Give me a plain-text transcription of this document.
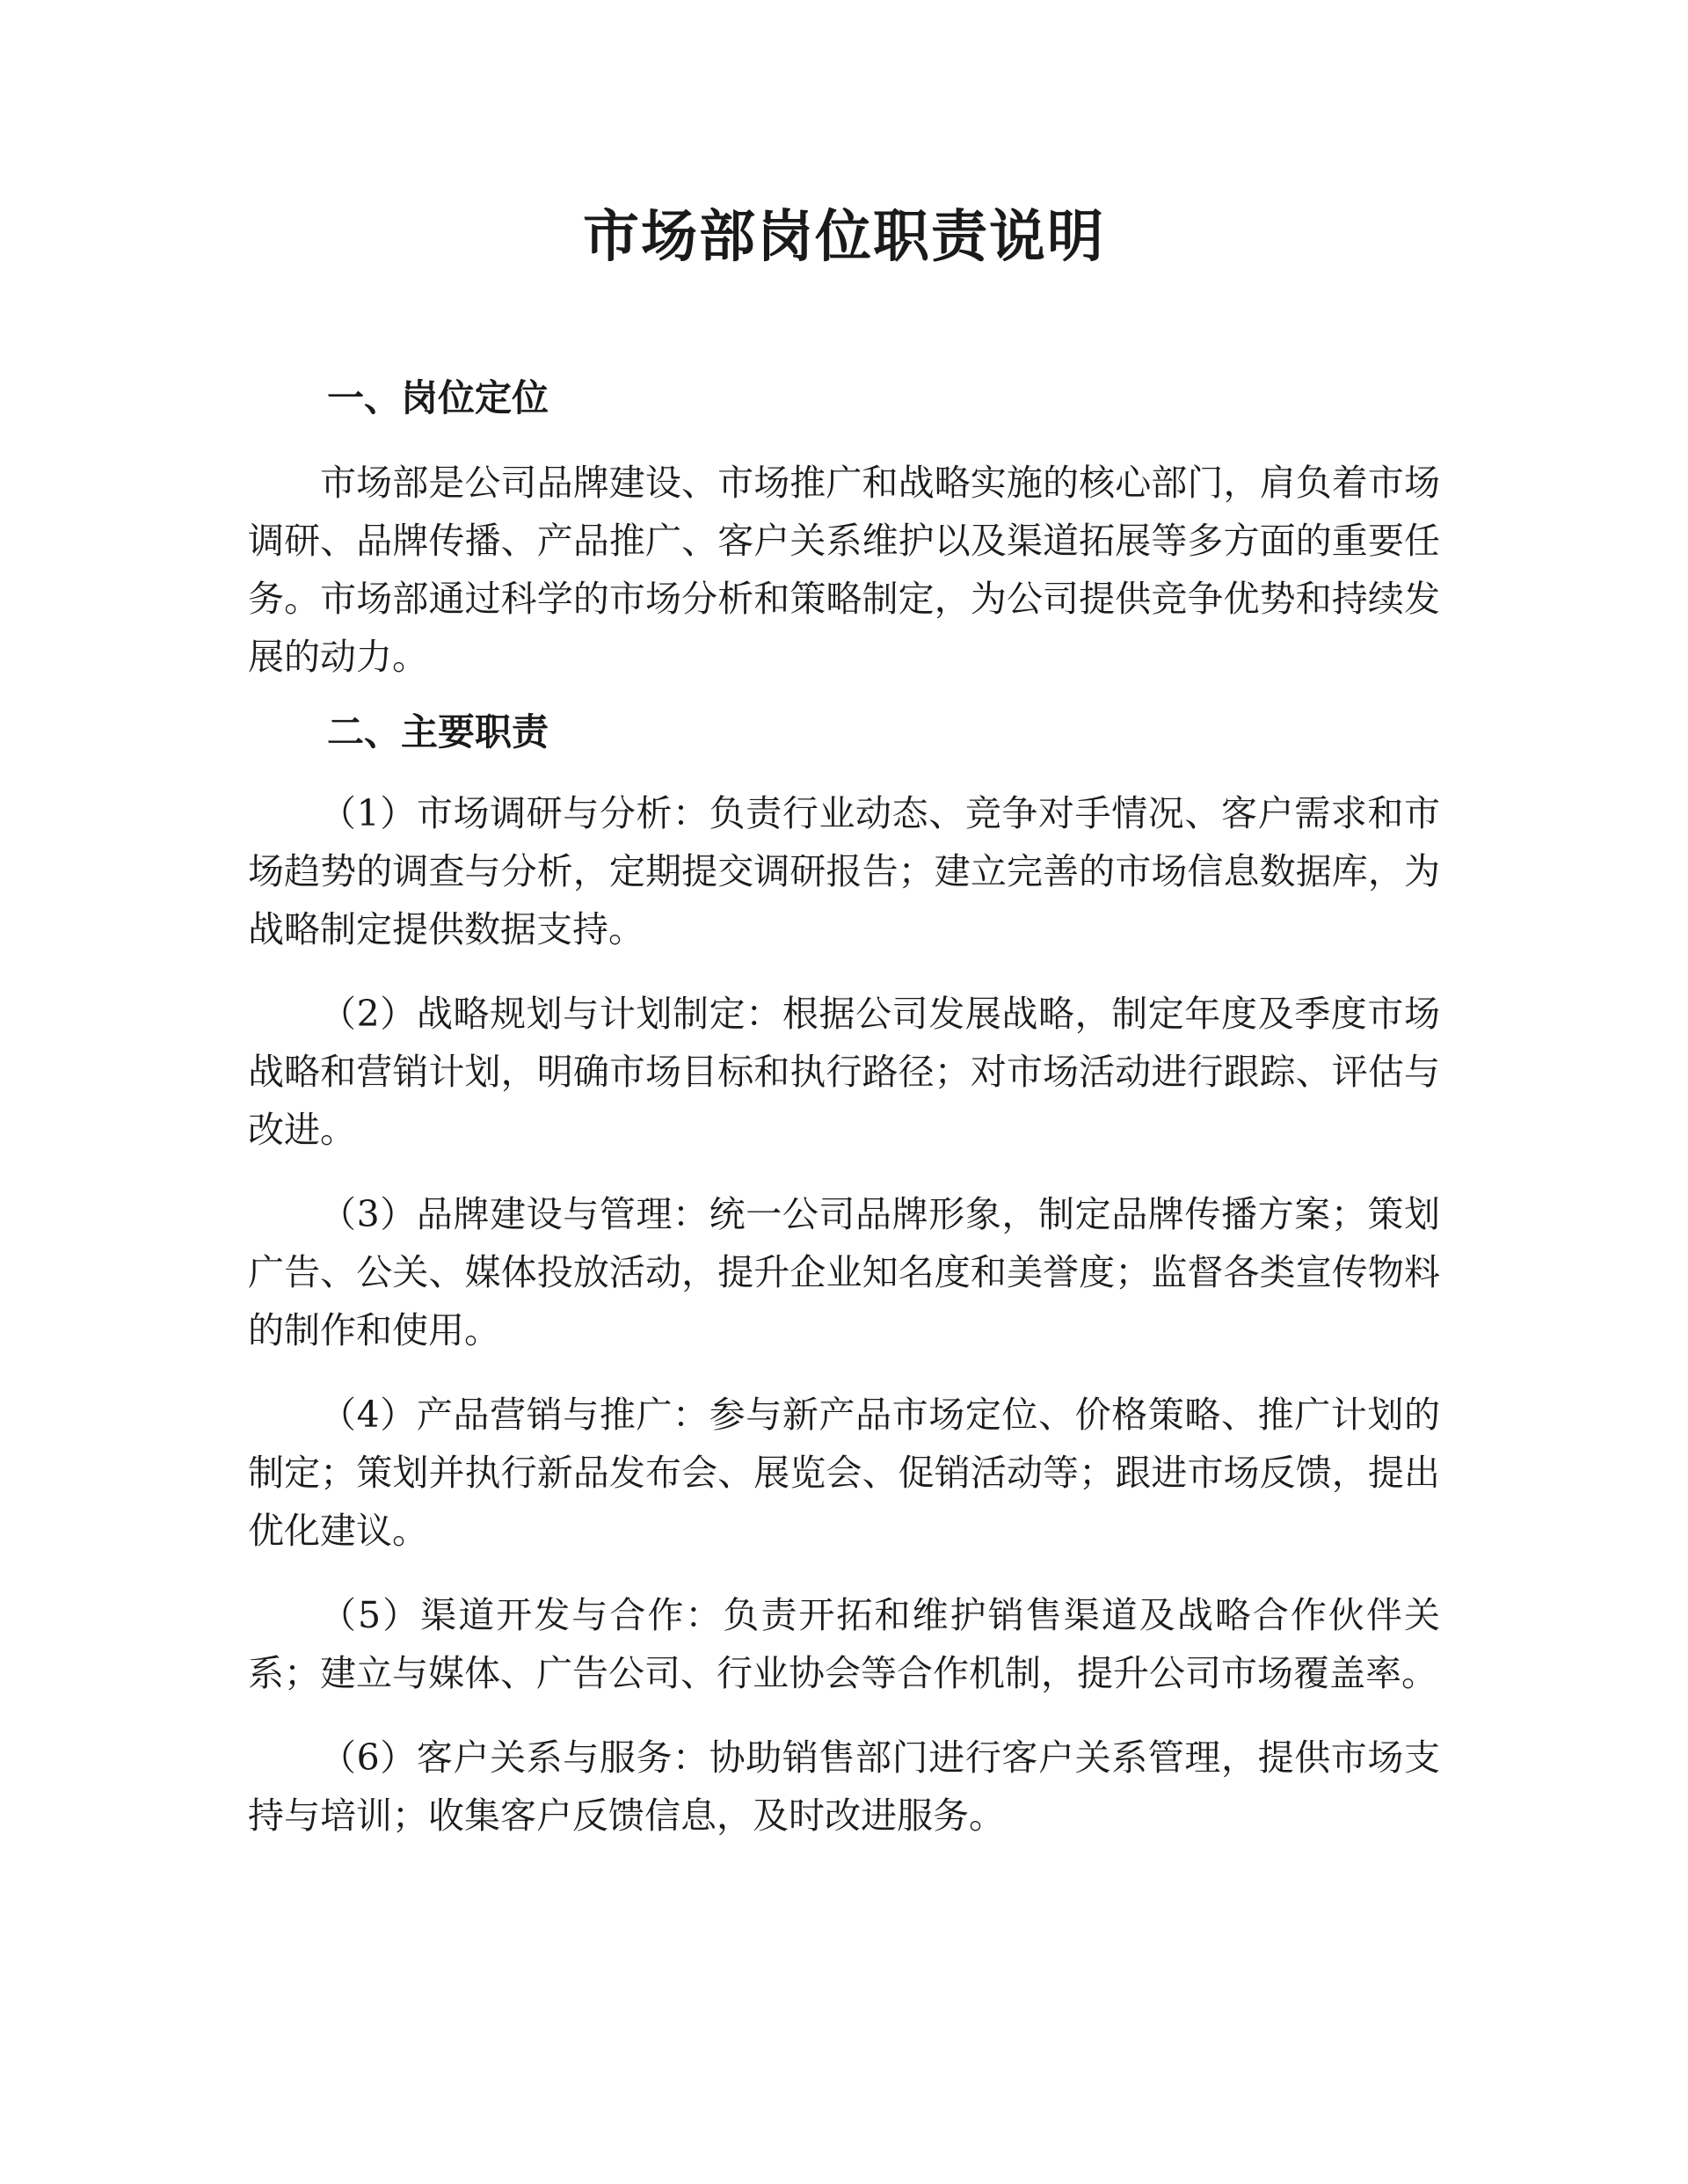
市场部岗位职责说明
一、岗位定位

市场部是公司品牌建设、市场推广和战略实施的核心部门，肩负着市场调研、品牌传播、产品推广、客户关系维护以及渠道拓展等多方面的重要任务。市场部通过科学的市场分析和策略制定，为公司提供竞争优势和持续发展的动力。

二、主要职责

（1）市场调研与分析：负责行业动态、竞争对手情况、客户需求和市场趋势的调查与分析，定期提交调研报告；建立完善的市场信息数据库，为战略制定提供数据支持。

（2）战略规划与计划制定：根据公司发展战略，制定年度及季度市场战略和营销计划，明确市场目标和执行路径；对市场活动进行跟踪、评估与改进。

（3）品牌建设与管理：统一公司品牌形象，制定品牌传播方案；策划广告、公关、媒体投放活动，提升企业知名度和美誉度；监督各类宣传物料的制作和使用。

（4）产品营销与推广：参与新产品市场定位、价格策略、推广计划的制定；策划并执行新品发布会、展览会、促销活动等；跟进市场反馈，提出优化建议。

（5）渠道开发与合作：负责开拓和维护销售渠道及战略合作伙伴关系；建立与媒体、广告公司、行业协会等合作机制，提升公司市场覆盖率。

（6）客户关系与服务：协助销售部门进行客户关系管理，提供市场支持与培训；收集客户反馈信息，及时改进服务。
